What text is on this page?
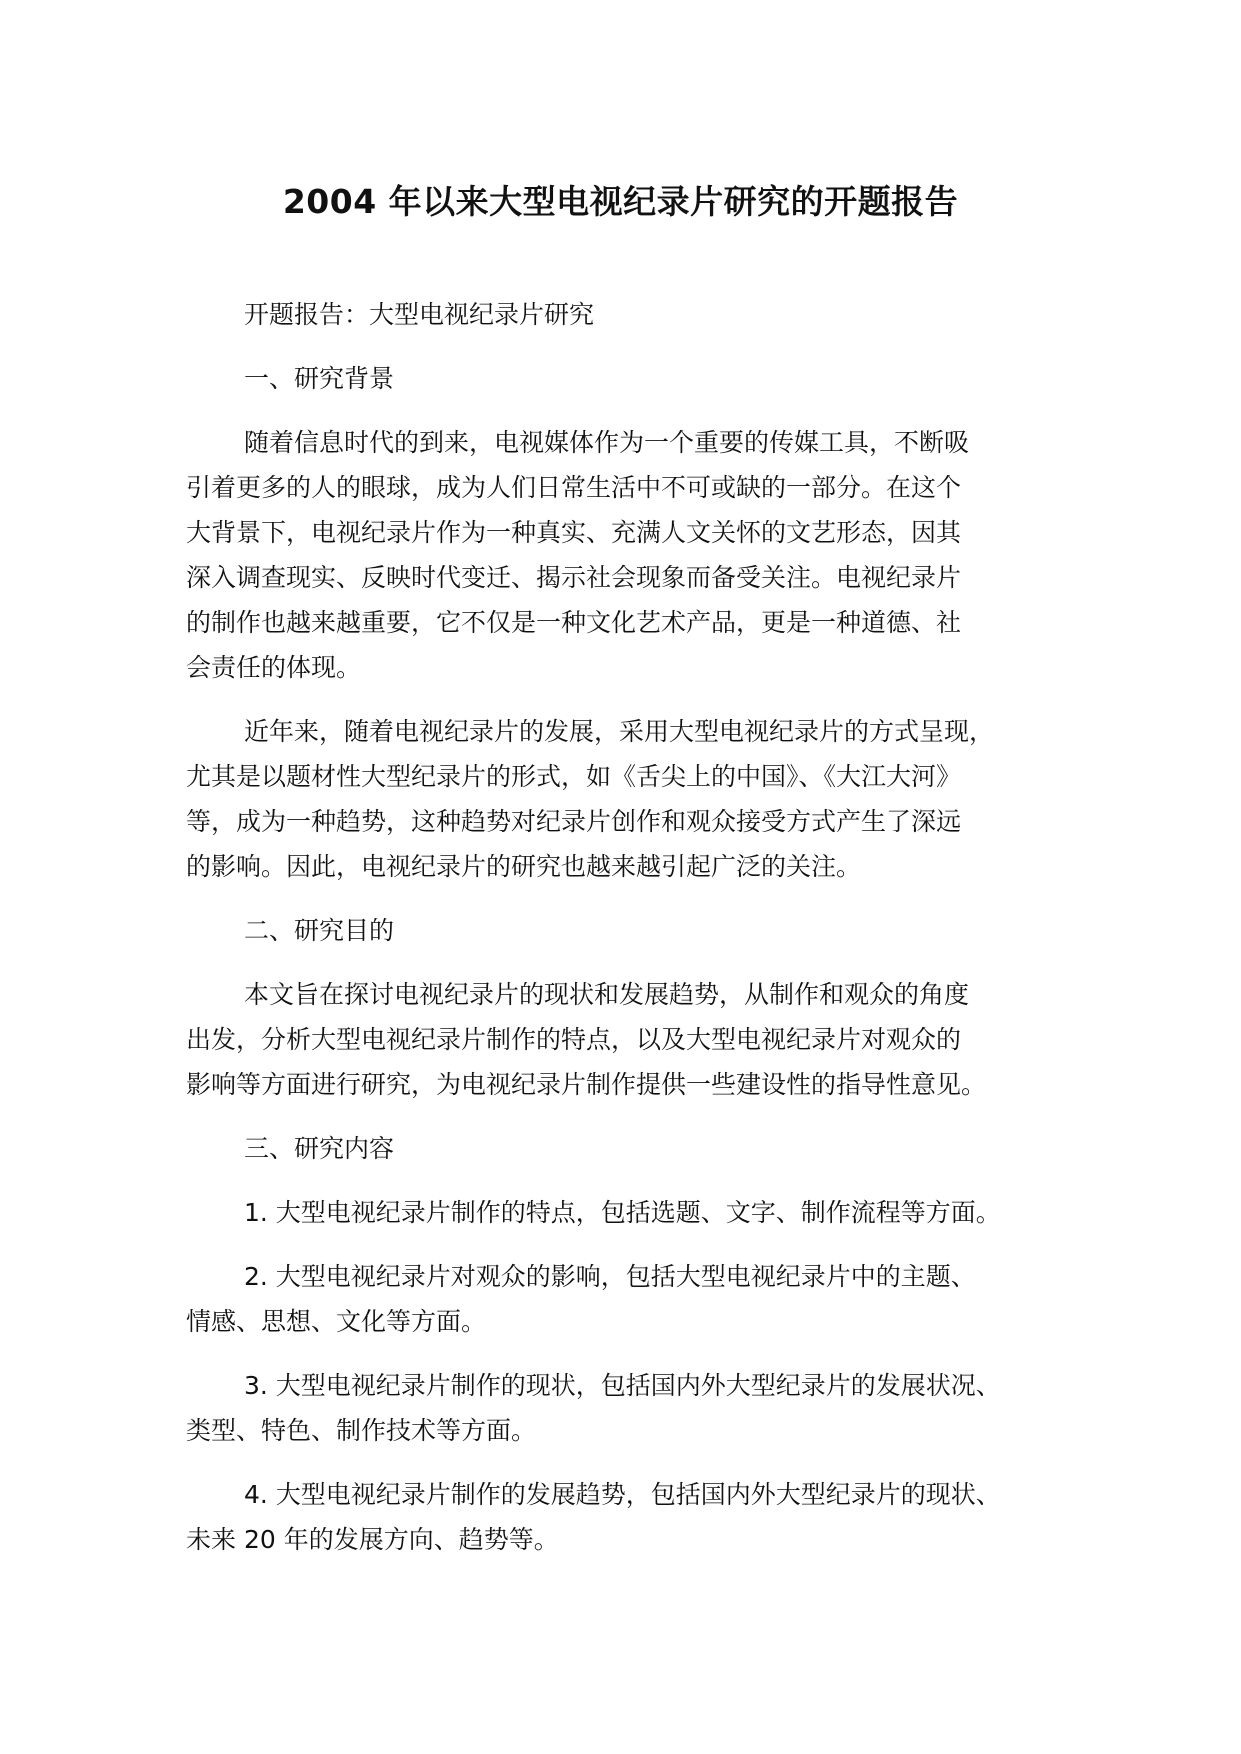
2004 年以来大型电视纪录片研究的开题报告

开题报告：大型电视纪录片研究

一、研究背景

随着信息时代的到来，电视媒体作为一个重要的传媒工具，不断吸
引着更多的人的眼球，成为人们日常生活中不可或缺的一部分。在这个
大背景下，电视纪录片作为一种真实、充满人文关怀的文艺形态，因其
深入调查现实、反映时代变迁、揭示社会现象而备受关注。电视纪录片
的制作也越来越重要，它不仅是一种文化艺术产品，更是一种道德、社
会责任的体现。

近年来，随着电视纪录片的发展，采用大型电视纪录片的方式呈现，
尤其是以题材性大型纪录片的形式，如《舌尖上的中国》、《大江大河》
等，成为一种趋势，这种趋势对纪录片创作和观众接受方式产生了深远
的影响。因此，电视纪录片的研究也越来越引起广泛的关注。

二、研究目的

本文旨在探讨电视纪录片的现状和发展趋势，从制作和观众的角度
出发，分析大型电视纪录片制作的特点，以及大型电视纪录片对观众的
影响等方面进行研究，为电视纪录片制作提供一些建设性的指导性意见。

三、研究内容

1. 大型电视纪录片制作的特点，包括选题、文字、制作流程等方面。

2. 大型电视纪录片对观众的影响，包括大型电视纪录片中的主题、
情感、思想、文化等方面。

3. 大型电视纪录片制作的现状，包括国内外大型纪录片的发展状况、
类型、特色、制作技术等方面。

4. 大型电视纪录片制作的发展趋势，包括国内外大型纪录片的现状、
未来 20 年的发展方向、趋势等。
